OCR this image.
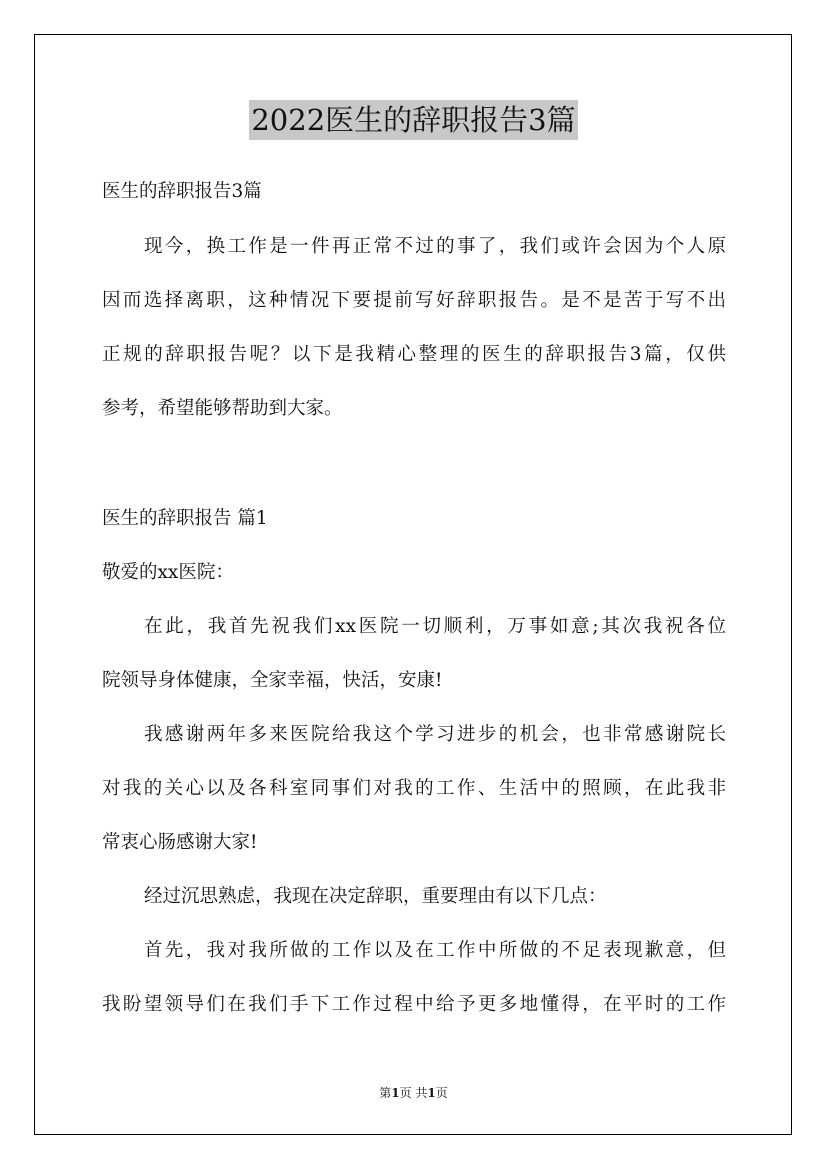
2022医生的辞职报告3篇
医生的辞职报告3篇
现今，换工作是一件再正常不过的事了，我们或许会因为个人原
因而选择离职，这种情况下要提前写好辞职报告。是不是苦于写不出
正规的辞职报告呢？以下是我精心整理的医生的辞职报告3篇，仅供
参考，希望能够帮助到大家。
医生的辞职报告 篇1
敬爱的xx医院：
在此，我首先祝我们xx医院一切顺利，万事如意;其次我祝各位
院领导身体健康，全家幸福，快活，安康!
我感谢两年多来医院给我这个学习进步的机会，也非常感谢院长
对我的关心以及各科室同事们对我的工作、生活中的照顾，在此我非
常衷心肠感谢大家!
经过沉思熟虑，我现在决定辞职，重要理由有以下几点：
首先，我对我所做的工作以及在工作中所做的不足表现歉意，但
我盼望领导们在我们手下工作过程中给予更多地懂得，在平时的工作
第1页 共1页
